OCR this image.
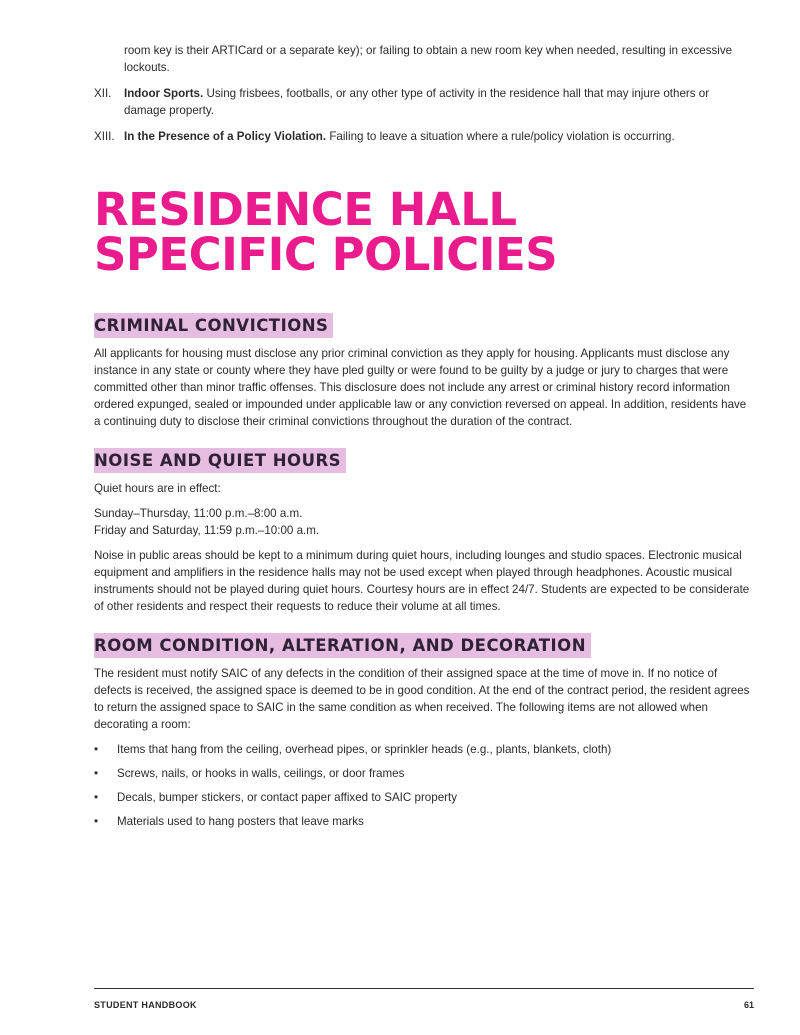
room key is their ARTICard or a separate key); or failing to obtain a new room key when needed, resulting in excessive lockouts.

XII.	Indoor Sports. Using frisbees, footballs, or any other type of activity in the residence hall that may injure others or damage property.
XIII. In the Presence of a Policy Violation. Failing to leave a situation where a rule/policy violation is occurring.
RESIDENCE HALL
SPECIFIC POLICIES
CRIMINAL CONVICTIONS

All applicants for housing must disclose any prior criminal conviction as they apply for housing. Applicants must disclose any instance in any state or county where they have pled guilty or were found to be guilty by a judge or jury to charges that were committed other than minor traffic offenses. This disclosure does not include any arrest or criminal history record information ordered expunged, sealed or impounded under applicable law or any conviction reversed on appeal. In addition, residents have a continuing duty to disclose their criminal convictions throughout the duration of the contract.

NOISE AND QUIET HOURS

Quiet hours are in effect:

Sunday–Thursday, 11:00 p.m.–8:00 a.m.
Friday and Saturday, 11:59 p.m.–10:00 a.m.

Noise in public areas should be kept to a minimum during quiet hours, including lounges and studio spaces. Electronic musical equipment and amplifiers in the residence halls may not be used except when played through headphones. Acoustic musical instruments should not be played during quiet hours. Courtesy hours are in effect 24/7. Students are expected to be considerate of other residents and respect their requests to reduce their volume at all times.

ROOM CONDITION, ALTERATION, AND DECORATION

The resident must notify SAIC of any defects in the condition of their assigned space at the time of move in. If no notice of defects is received, the assigned space is deemed to be in good condition. At the end of the contract period, the resident agrees to return the assigned space to SAIC in the same condition as when received. The following items are not allowed when decorating a room:

•	Items that hang from the ceiling, overhead pipes, or sprinkler heads (e.g., plants, blankets, cloth)
•	Screws, nails, or hooks in walls, ceilings, or door frames
•	Decals, bumper stickers, or contact paper affixed to SAIC property
•	Materials used to hang posters that leave marks
STUDENT HANDBOOK	61
